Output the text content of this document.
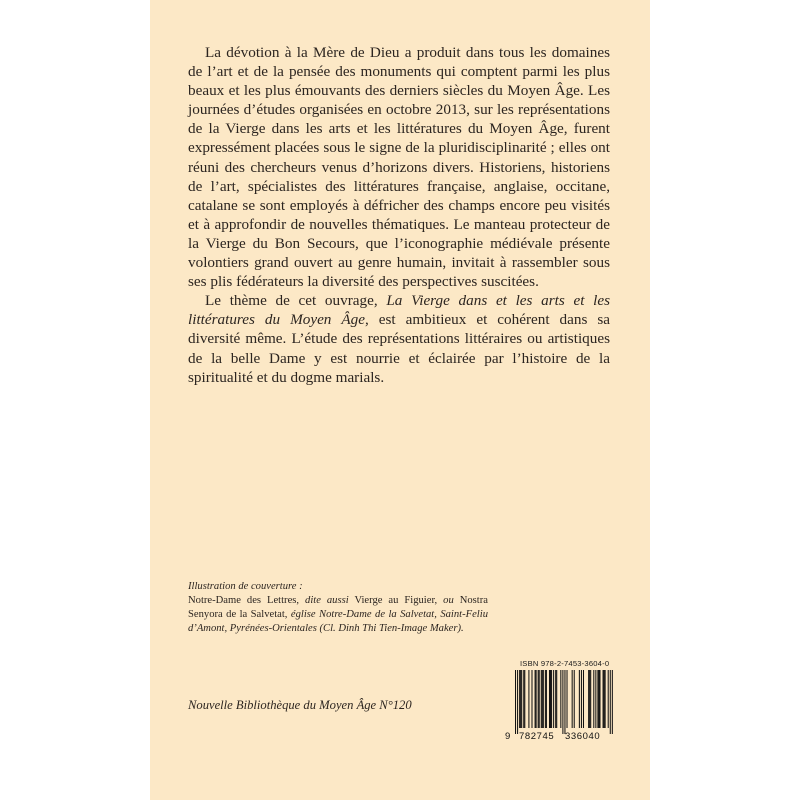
La dévotion à la Mère de Dieu a produit dans tous les domaines de l’art et de la pensée des monuments qui comptent parmi les plus beaux et les plus émouvants des derniers siècles du Moyen Âge. Les journées d’études organisées en octobre 2013, sur les représentations de la Vierge dans les arts et les littératures du Moyen Âge, furent expressément placées sous le signe de la pluridisciplinarité ; elles ont réuni des chercheurs venus d’horizons divers. Historiens, historiens de l’art, spécialistes des littératures française, anglaise, occitane, catalane se sont employés à défricher des champs encore peu visités et à approfondir de nouvelles thématiques. Le manteau protecteur de la Vierge du Bon Secours, que l’iconographie médiévale présente volontiers grand ouvert au genre humain, invitait à rassembler sous ses plis fédérateurs la diversité des perspectives suscitées.

Le thème de cet ouvrage, La Vierge dans et les arts et les littératures du Moyen Âge, est ambitieux et cohérent dans sa diversité même. L’étude des représentations littéraires ou artistiques de la belle Dame y est nourrie et éclairée par l’histoire de la spiritualité et du dogme marials.

Illustration de couverture :
Notre-Dame des Lettres, dite aussi Vierge au Figuier, ou Nostra Senyora de la Salvetat, église Notre-Dame de la Salvetat, Saint-Feliu d’Amont, Pyrénées-Orientales (Cl. Dinh Thi Tien-Image Maker).
Nouvelle Bibliothèque du Moyen Âge N°120
ISBN 978-2-7453-3604-0
9 782745 336040
